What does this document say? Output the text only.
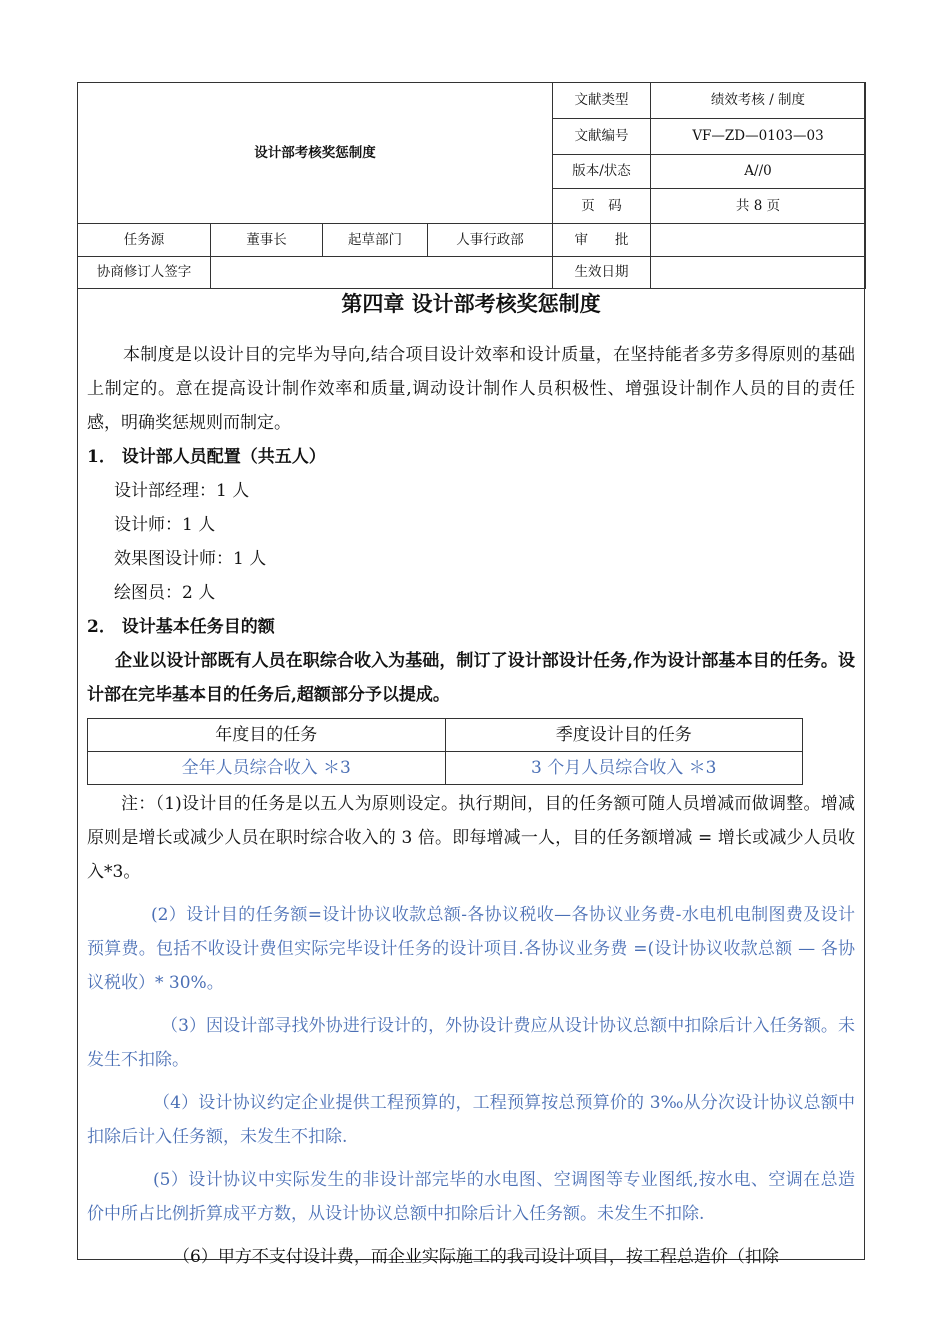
设计部考核奖惩制度				文献类型	绩效考核 / 制度
				文献编号	VF—ZD—0103—03
				版本/状态	A//0
				页　码	共 8 页
任务源	董事长	起草部门	人事行政部	审　　批	
协商修订人签字				生效日期	
第四章 设计部考核奖惩制度

本制度是以设计目的完毕为导向,结合项目设计效率和设计质量，在坚持能者多劳多得原则的基础上制定的。意在提高设计制作效率和质量,调动设计制作人员积极性、增强设计制作人员的目的责任感，明确奖惩规则而制定。

1． 设计部人员配置（共五人）

设计部经理：1 人

设计师：1 人

效果图设计师：1 人

绘图员：2 人

2． 设计基本任务目的额

企业以设计部既有人员在职综合收入为基础，制订了设计部设计任务,作为设计部基本目的任务。设计部在完毕基本目的任务后,超额部分予以提成。

年度目的任务	季度设计目的任务
全年人员综合收入 ＊3	3 个月人员综合收入 ＊3

注：（1)设计目的任务是以五人为原则设定。执行期间，目的任务额可随人员增减而做调整。增减原则是增长或减少人员在职时综合收入的 3 倍。即每增减一人，目的任务额增减 = 增长或减少人员收入*3。

(2）设计目的任务额=设计协议收款总额-各协议税收—各协议业务费-水电机电制图费及设计预算费。包括不收设计费但实际完毕设计任务的设计项目.各协议业务费 =(设计协议收款总额 — 各协议税收）* 30%。

（3）因设计部寻找外协进行设计的，外协设计费应从设计协议总额中扣除后计入任务额。未发生不扣除。

（4）设计协议约定企业提供工程预算的，工程预算按总预算价的 3‰从分次设计协议总额中扣除后计入任务额，未发生不扣除.

(5）设计协议中实际发生的非设计部完毕的水电图、空调图等专业图纸,按水电、空调在总造价中所占比例折算成平方数，从设计协议总额中扣除后计入任务额。未发生不扣除.

（6）甲方不支付设计费，而企业实际施工的我司设计项目，按工程总造价（扣除
